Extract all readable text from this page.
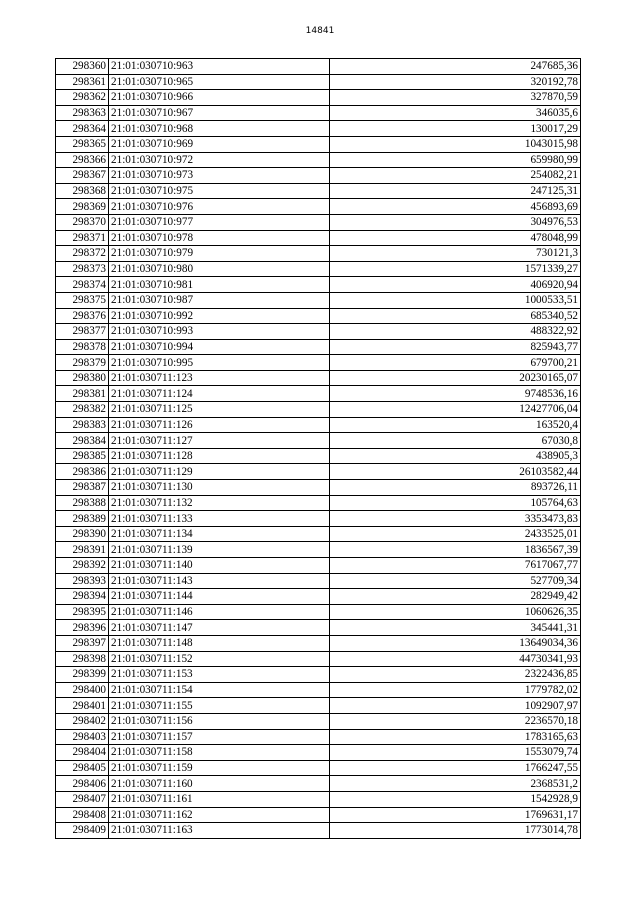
14841
298360	21:01:030710:963	247685,36
298361	21:01:030710:965	320192,78
298362	21:01:030710:966	327870,59
298363	21:01:030710:967	346035,6
298364	21:01:030710:968	130017,29
298365	21:01:030710:969	1043015,98
298366	21:01:030710:972	659980,99
298367	21:01:030710:973	254082,21
298368	21:01:030710:975	247125,31
298369	21:01:030710:976	456893,69
298370	21:01:030710:977	304976,53
298371	21:01:030710:978	478048,99
298372	21:01:030710:979	730121,3
298373	21:01:030710:980	1571339,27
298374	21:01:030710:981	406920,94
298375	21:01:030710:987	1000533,51
298376	21:01:030710:992	685340,52
298377	21:01:030710:993	488322,92
298378	21:01:030710:994	825943,77
298379	21:01:030710:995	679700,21
298380	21:01:030711:123	20230165,07
298381	21:01:030711:124	9748536,16
298382	21:01:030711:125	12427706,04
298383	21:01:030711:126	163520,4
298384	21:01:030711:127	67030,8
298385	21:01:030711:128	438905,3
298386	21:01:030711:129	26103582,44
298387	21:01:030711:130	893726,11
298388	21:01:030711:132	105764,63
298389	21:01:030711:133	3353473,83
298390	21:01:030711:134	2433525,01
298391	21:01:030711:139	1836567,39
298392	21:01:030711:140	7617067,77
298393	21:01:030711:143	527709,34
298394	21:01:030711:144	282949,42
298395	21:01:030711:146	1060626,35
298396	21:01:030711:147	345441,31
298397	21:01:030711:148	13649034,36
298398	21:01:030711:152	44730341,93
298399	21:01:030711:153	2322436,85
298400	21:01:030711:154	1779782,02
298401	21:01:030711:155	1092907,97
298402	21:01:030711:156	2236570,18
298403	21:01:030711:157	1783165,63
298404	21:01:030711:158	1553079,74
298405	21:01:030711:159	1766247,55
298406	21:01:030711:160	2368531,2
298407	21:01:030711:161	1542928,9
298408	21:01:030711:162	1769631,17
298409	21:01:030711:163	1773014,78
